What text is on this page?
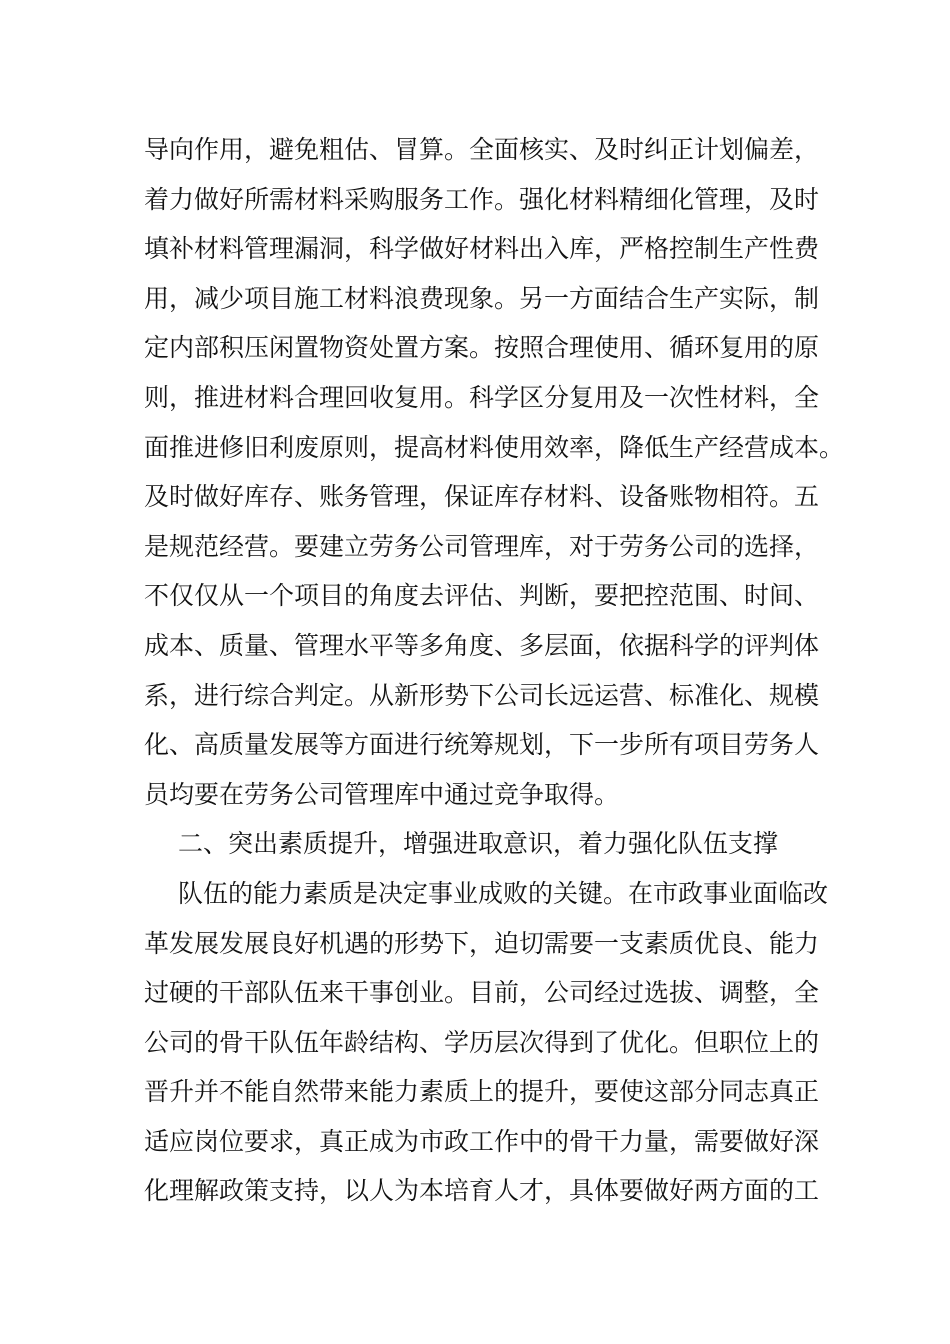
导向作用，避免粗估、冒算。全面核实、及时纠正计划偏差，
着力做好所需材料采购服务工作。强化材料精细化管理，及时
填补材料管理漏洞，科学做好材料出入库，严格控制生产性费
用，减少项目施工材料浪费现象。另一方面结合生产实际，制
定内部积压闲置物资处置方案。按照合理使用、循环复用的原
则，推进材料合理回收复用。科学区分复用及一次性材料，全
面推进修旧利废原则，提高材料使用效率，降低生产经营成本。
及时做好库存、账务管理，保证库存材料、设备账物相符。五
是规范经营。要建立劳务公司管理库，对于劳务公司的选择，
不仅仅从一个项目的角度去评估、判断，要把控范围、时间、
成本、质量、管理水平等多角度、多层面，依据科学的评判体
系，进行综合判定。从新形势下公司长远运营、标准化、规模
化、高质量发展等方面进行统筹规划，下一步所有项目劳务人
员均要在劳务公司管理库中通过竞争取得。
二、突出素质提升，增强进取意识，着力强化队伍支撑
队伍的能力素质是决定事业成败的关键。在市政事业面临改
革发展发展良好机遇的形势下，迫切需要一支素质优良、能力
过硬的干部队伍来干事创业。目前，公司经过选拔、调整，全
公司的骨干队伍年龄结构、学历层次得到了优化。但职位上的
晋升并不能自然带来能力素质上的提升，要使这部分同志真正
适应岗位要求，真正成为市政工作中的骨干力量，需要做好深
化理解政策支持，以人为本培育人才，具体要做好两方面的工
